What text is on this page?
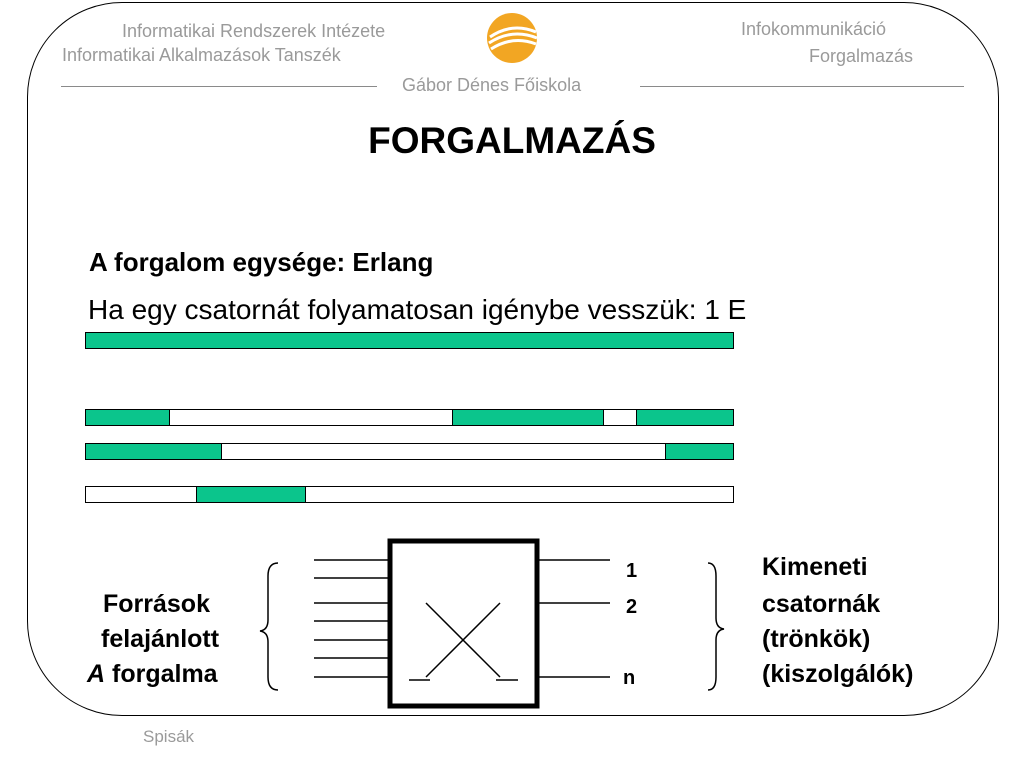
Informatikai Rendszerek Intézete
Informatikai Alkalmazások Tanszék
Infokommunikáció
Forgalmazás
Gábor Dénes Főiskola
FORGALMAZÁS
A forgalom egysége: Erlang
Ha egy csatornát folyamatosan igénybe vesszük: 1 E
Források
felajánlott
A forgalma
1
2
n
Kimeneti
csatornák
(trönkök)
(kiszolgálók)
Spisák
